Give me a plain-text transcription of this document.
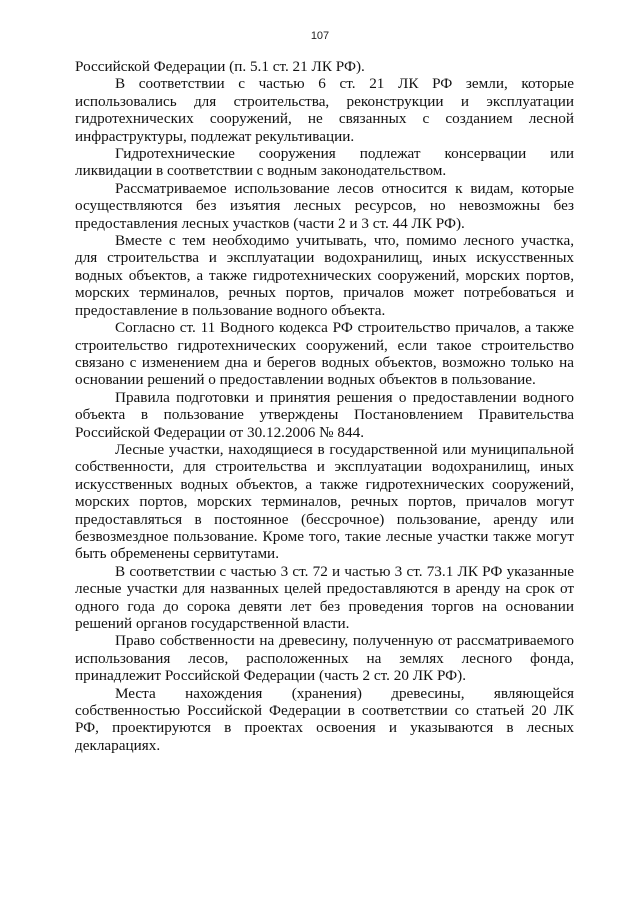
107

Российской Федерации (п. 5.1 ст. 21 ЛК РФ).

В соответствии с частью 6 ст. 21 ЛК РФ земли, которые использовались для строительства, реконструкции и эксплуатации гидротехнических сооружений, не связанных с созданием лесной инфраструктуры, подлежат рекультивации.

Гидротехнические сооружения подлежат консервации или ликвидации в соответствии с водным законодательством.

Рассматриваемое использование лесов относится к видам, которые осуществляются без изъятия лесных ресурсов, но невозможны без предоставления лесных участков (части 2 и 3 ст. 44 ЛК РФ).

Вместе с тем необходимо учитывать, что, помимо лесного участка, для строительства и эксплуатации водохранилищ, иных искусственных водных объектов, а также гидротехнических сооружений, морских портов, морских терминалов, речных портов, причалов может потребоваться и предоставление в пользование водного объекта.

Согласно ст. 11 Водного кодекса РФ строительство причалов, а также строительство гидротехнических сооружений, если такое строительство связано с изменением дна и берегов водных объектов, возможно только на основании решений о предоставлении водных объектов в пользование.

Правила подготовки и принятия решения о предоставлении водного объекта в пользование утверждены Постановлением Правительства Российской Федерации от 30.12.2006 № 844.

Лесные участки, находящиеся в государственной или муниципальной собственности, для строительства и эксплуатации водохранилищ, иных искусственных водных объектов, а также гидротехнических сооружений, морских портов, морских терминалов, речных портов, причалов могут предоставляться в постоянное (бессрочное) пользование, аренду или безвозмездное пользование. Кроме того, такие лесные участки также могут быть обременены сервитутами.

В соответствии с частью 3 ст. 72 и частью 3 ст. 73.1 ЛК РФ указанные лесные участки для названных целей предоставляются в аренду на срок от одного года до сорока девяти лет без проведения торгов на основании решений органов государственной власти.

Право собственности на древесину, полученную от рассматриваемого использования лесов, расположенных на землях лесного фонда, принадлежит Российской Федерации (часть 2 ст. 20 ЛК РФ).

Места нахождения (хранения) древесины, являющейся собственностью Российской Федерации в соответствии со статьей 20 ЛК РФ, проектируются в проектах освоения и указываются в лесных декларациях.
